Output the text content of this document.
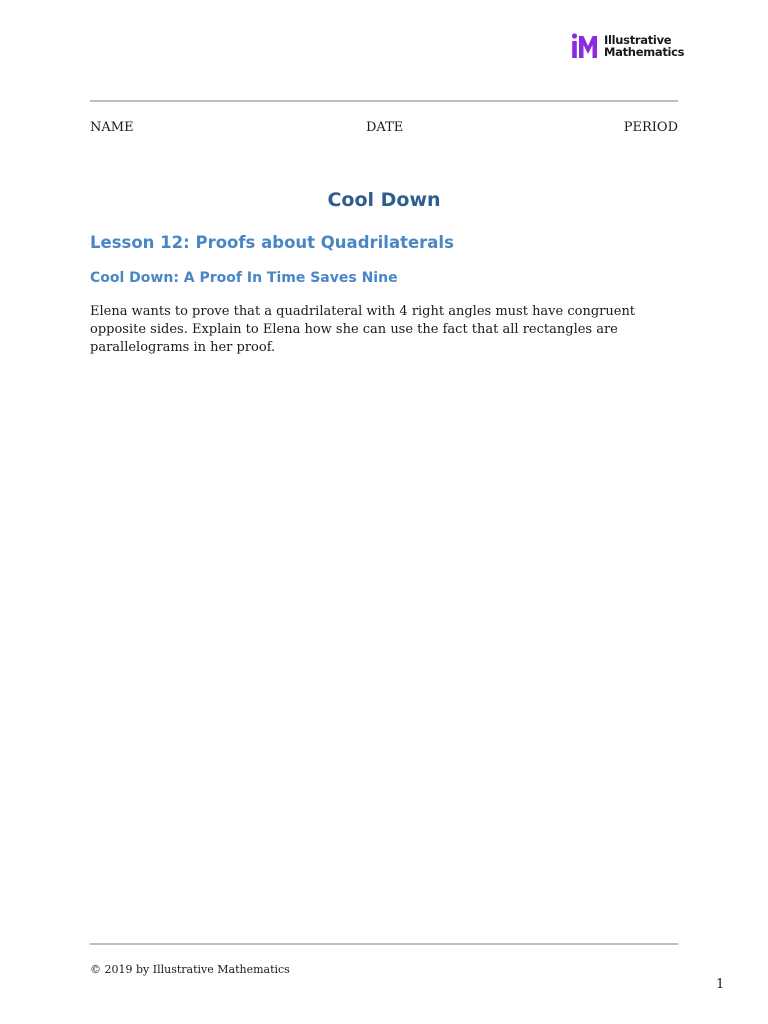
Illustrative
Mathematics
NAME	DATE	PERIOD
Cool Down
Lesson 12: Proofs about Quadrilaterals
Cool Down: A Proof In Time Saves Nine

Elena wants to prove that a quadrilateral with 4 right angles must have congruent opposite sides. Explain to Elena how she can use the fact that all rectangles are parallelograms in her proof.

© 2019 by Illustrative Mathematics
1
